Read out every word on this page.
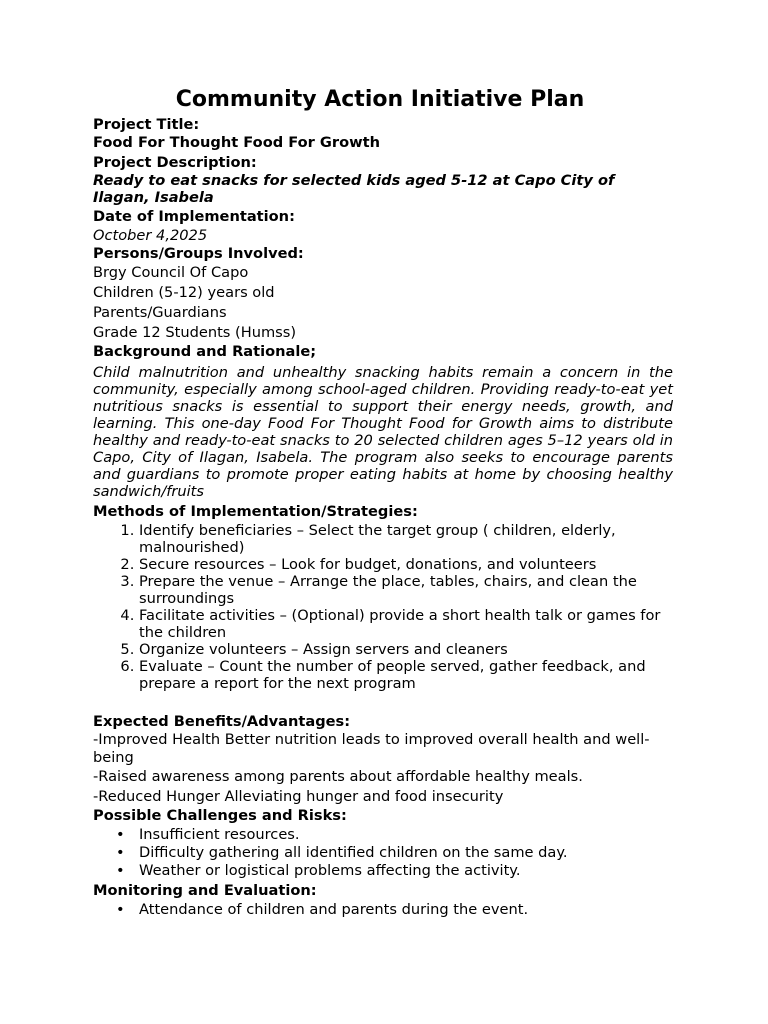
Community Action Initiative Plan
Project Title:
Food For Thought Food For Growth
Project Description:
Ready to eat snacks for selected kids aged 5-12 at Capo City of Ilagan, Isabela
Date of Implementation:
October 4,2025
Persons/Groups Involved:
Brgy Council Of Capo
Children (5-12) years old
Parents/Guardians
Grade 12 Students (Humss)
Background and Rationale;
Child malnutrition and unhealthy snacking habits remain a concern in the community, especially among school-aged children. Providing ready-to-eat yet nutritious snacks is essential to support their energy needs, growth, and learning. This one-day Food For Thought Food for Growth aims to distribute healthy and ready-to-eat snacks to 20 selected children ages 5–12 years old in Capo, City of Ilagan, Isabela. The program also seeks to encourage parents and guardians to promote proper eating habits at home by choosing healthy sandwich/fruits
Methods of Implementation/Strategies:
1. Identify beneficiaries – Select the target group ( children, elderly, malnourished)
2. Secure resources – Look for budget, donations, and volunteers
3. Prepare the venue – Arrange the place, tables, chairs, and clean the surroundings
4. Facilitate activities – (Optional) provide a short health talk or games for the children
5. Organize volunteers – Assign servers and cleaners
6. Evaluate – Count the number of people served, gather feedback, and prepare a report for the next program
Expected Benefits/Advantages:
-Improved Health Better nutrition leads to improved overall health and well-being
-Raised awareness among parents about affordable healthy meals.
-Reduced Hunger Alleviating hunger and food insecurity
Possible Challenges and Risks:
• Insufficient resources.
• Difficulty gathering all identified children on the same day.
• Weather or logistical problems affecting the activity.
Monitoring and Evaluation:
• Attendance of children and parents during the event.
